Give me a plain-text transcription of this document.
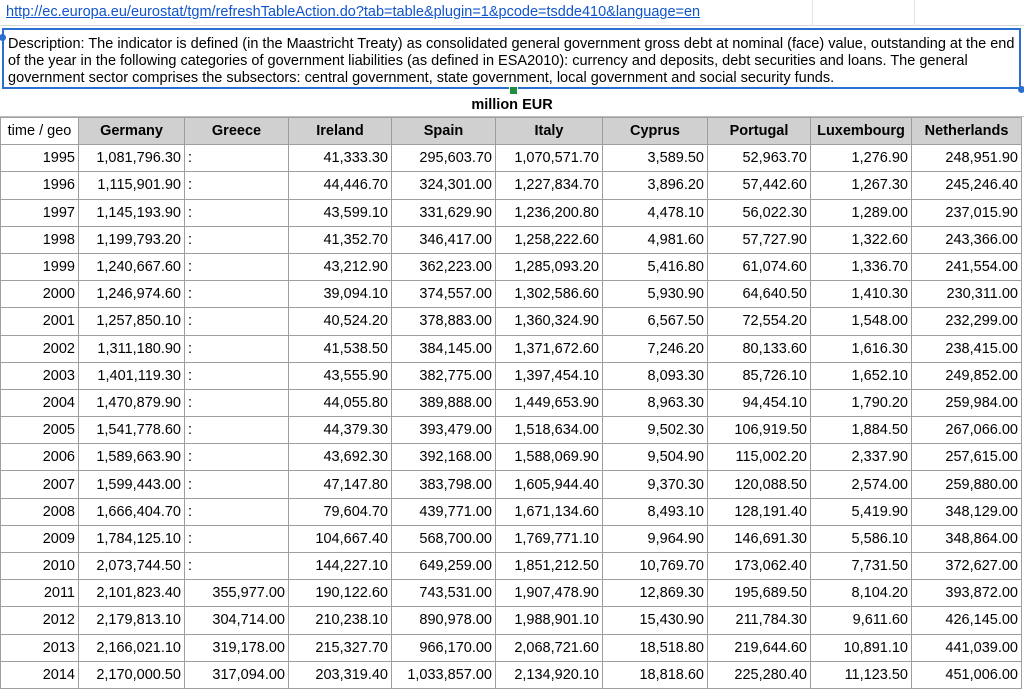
http://ec.europa.eu/eurostat/tgm/refreshTableAction.do?tab=table&plugin=1&pcode=tsdde410&language=en
Description: The indicator is defined (in the Maastricht Treaty) as consolidated general government gross debt at nominal (face) value, outstanding at the end of the year in the following categories of government liabilities (as defined in ESA2010): currency and deposits, debt securities and loans. The general government sector comprises the subsectors: central government, state government, local government and social security funds.
million EUR
time / geo	Germany	Greece	Ireland	Spain	Italy	Cyprus	Portugal	Luxembourg	Netherlands
1995	1,081,796.30	:	41,333.30	295,603.70	1,070,571.70	3,589.50	52,963.70	1,276.90	248,951.90
1996	1,115,901.90	:	44,446.70	324,301.00	1,227,834.70	3,896.20	57,442.60	1,267.30	245,246.40
1997	1,145,193.90	:	43,599.10	331,629.90	1,236,200.80	4,478.10	56,022.30	1,289.00	237,015.90
1998	1,199,793.20	:	41,352.70	346,417.00	1,258,222.60	4,981.60	57,727.90	1,322.60	243,366.00
1999	1,240,667.60	:	43,212.90	362,223.00	1,285,093.20	5,416.80	61,074.60	1,336.70	241,554.00
2000	1,246,974.60	:	39,094.10	374,557.00	1,302,586.60	5,930.90	64,640.50	1,410.30	230,311.00
2001	1,257,850.10	:	40,524.20	378,883.00	1,360,324.90	6,567.50	72,554.20	1,548.00	232,299.00
2002	1,311,180.90	:	41,538.50	384,145.00	1,371,672.60	7,246.20	80,133.60	1,616.30	238,415.00
2003	1,401,119.30	:	43,555.90	382,775.00	1,397,454.10	8,093.30	85,726.10	1,652.10	249,852.00
2004	1,470,879.90	:	44,055.80	389,888.00	1,449,653.90	8,963.30	94,454.10	1,790.20	259,984.00
2005	1,541,778.60	:	44,379.30	393,479.00	1,518,634.00	9,502.30	106,919.50	1,884.50	267,066.00
2006	1,589,663.90	:	43,692.30	392,168.00	1,588,069.90	9,504.90	115,002.20	2,337.90	257,615.00
2007	1,599,443.00	:	47,147.80	383,798.00	1,605,944.40	9,370.30	120,088.50	2,574.00	259,880.00
2008	1,666,404.70	:	79,604.70	439,771.00	1,671,134.60	8,493.10	128,191.40	5,419.90	348,129.00
2009	1,784,125.10	:	104,667.40	568,700.00	1,769,771.10	9,964.90	146,691.30	5,586.10	348,864.00
2010	2,073,744.50	:	144,227.10	649,259.00	1,851,212.50	10,769.70	173,062.40	7,731.50	372,627.00
2011	2,101,823.40	355,977.00	190,122.60	743,531.00	1,907,478.90	12,869.30	195,689.50	8,104.20	393,872.00
2012	2,179,813.10	304,714.00	210,238.10	890,978.00	1,988,901.10	15,430.90	211,784.30	9,611.60	426,145.00
2013	2,166,021.10	319,178.00	215,327.70	966,170.00	2,068,721.60	18,518.80	219,644.60	10,891.10	441,039.00
2014	2,170,000.50	317,094.00	203,319.40	1,033,857.00	2,134,920.10	18,818.60	225,280.40	11,123.50	451,006.00
